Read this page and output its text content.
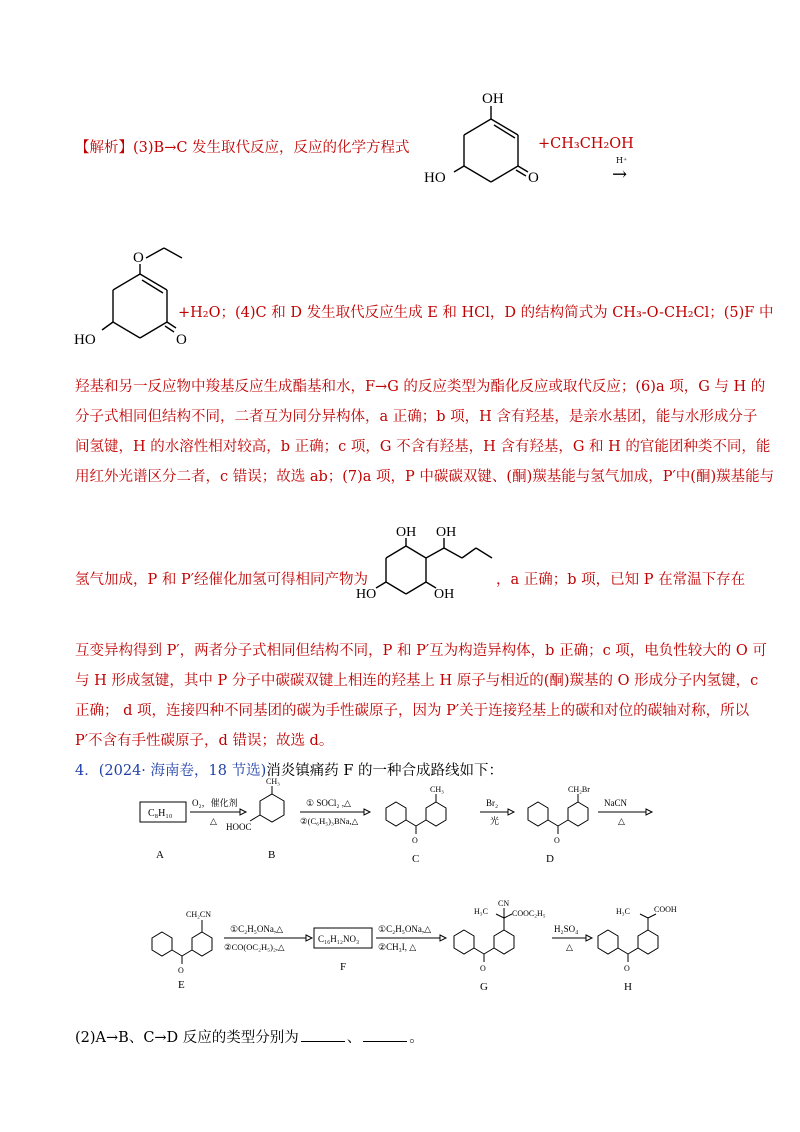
【解析】(3)B→C 发生取代反应，反应的化学方程式
OH
HO	O
+CH₃CH₂OH
H⁺
→
O
HO	O
+H₂O；(4)C 和 D 发生取代反应生成 E 和 HCl，D 的结构简式为 CH₃-O-CH₂Cl；(5)F 中
羟基和另一反应物中羧基反应生成酯基和水，F→G 的反应类型为酯化反应或取代反应；(6)a 项，G 与 H 的
分子式相同但结构不同，二者互为同分异构体，a 正确；b 项，H 含有羟基，是亲水基团，能与水形成分子
间氢键，H 的水溶性相对较高，b 正确；c 项，G 不含有羟基，H 含有羟基，G 和 H 的官能团种类不同，能
用红外光谱区分二者，c 错误；故选 ab；(7)a 项，P 中碳碳双键、(酮)羰基能与氢气加成，P′中(酮)羰基能与
氢气加成，P 和 P′经催化加氢可得相同产物为
OH OH
HO	OH
，a 正确；b 项，已知 P 在常温下存在
互变异构得到 P′，两者分子式相同但结构不同，P 和 P′互为构造异构体，b 正确；c 项，电负性较大的 O 可
与 H 形成氢键，其中 P 分子中碳碳双键上相连的羟基上 H 原子与相近的(酮)羰基的 O 形成分子内氢键，c
正确； d 项，连接四种不同基团的碳为手性碳原子，因为 P′关于连接羟基上的碳和对位的碳轴对称，所以
P′不含有手性碳原子，d 错误；故选 d。
4．(2024· 海南卷，18 节选)消炎镇痛药 F 的一种合成路线如下：
C₈H₁₀
A
O₂，催化剂
△
CH₃
HOOC
B
① SOCl₂ ,△
②(C₆H₅)₃BNa,△
CH₃
O
C
Br₂
光
CH₂Br
O
D
NaCN
△
CH₂CN
O
E
①C₂H₅ONa,△
②CO(OC₂H₅)₂,△
C₁₆H₁₂NO₃
F
①C₂H₅ONa,△
②CH₃I, △
CN
H₃C	COOC₂H₅
O
G
H₂SO₄
△
H₃C	COOH
O
H
(2)A→B、C→D 反应的类型分别为	、	。
